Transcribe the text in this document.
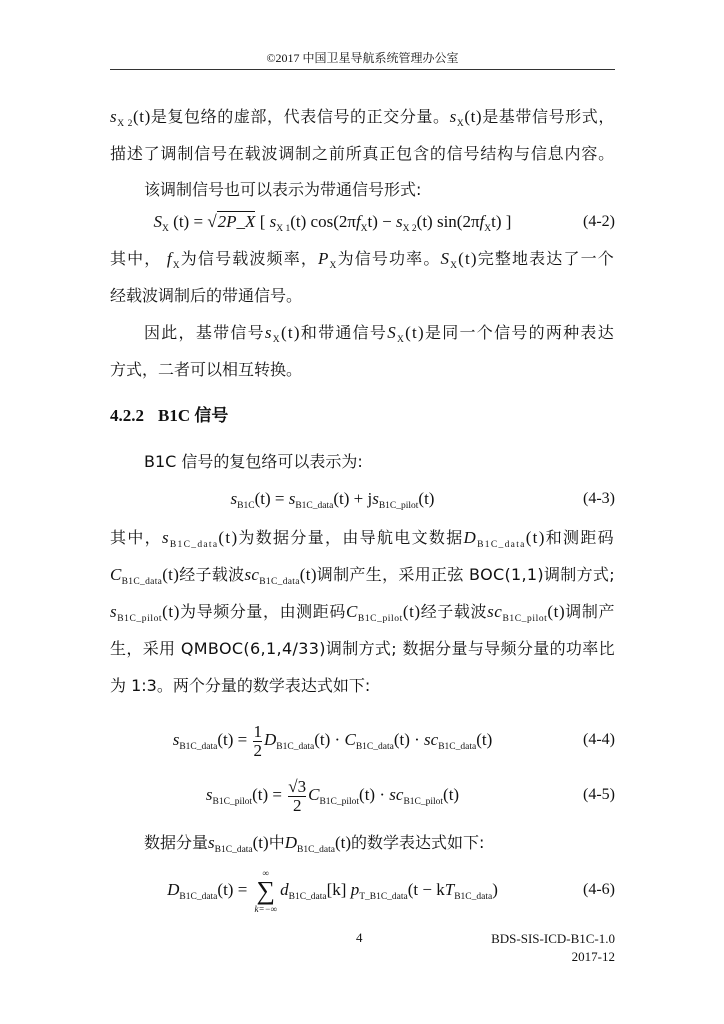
©2017 中国卫星导航系统管理办公室
$s_{X 2}(t)$是复包络的虚部，代表信号的正交分量。$s_X(t)$是基带信号形式，
描述了调制信号在载波调制之前所真正包含的信号结构与信息内容。
该调制信号也可以表示为带通信号形式:
其中， $f_X$为信号载波频率，$P_X$为信号功率。$S_X(t)$完整地表达了一个
经载波调制后的带通信号。
因此，基带信号$s_X(t)$和带通信号$S_X(t)$是同一个信号的两种表达
方式，二者可以相互转换。
B1C 信号的复包络可以表示为:
其中，$s_{B1C\_data}(t)$为数据分量，由导航电文数据$D_{B1C\_data}(t)$和测距码
$C_{B1C\_data}(t)$经子载波$sc_{B1C\_data}(t)$调制产生，采用正弦 BOC(1,1)调制方式;
$s_{B1C\_pilot}(t)$为导频分量，由测距码$C_{B1C\_pilot}(t)$经子载波$sc_{B1C\_pilot}(t)$调制产
生，采用 QMBOC(6,1,4/33)调制方式; 数据分量与导频分量的功率比
为 1:3。两个分量的数学表达式如下:
数据分量$s_{B1C\_data}(t)$中$D_{B1C\_data}(t)$的数学表达式如下:
$S_X$ (t) = √2P_X [ $s_{X 1}(t) \cos(2\pi f_Xt) - s_{X 2}(t)$ $\sin(2\pi f_Xt)$ ]	(4-2)
$s_{B1C}(t) = s_{B1C\_data}(t) + js_{B1C\_pilot}(t)$	(4-3)
$s_{B1C\_data}(t) = \frac{1}{2} D_{B1C\_data}(t) \cdot C_{B1C\_data}(t) \cdot sc_{B1C\_data}(t)$	(4-4)
$s_{B1C\_pilot}(t) = \frac{√3}{2} C_{B1C\_pilot}(t) \cdot sc_{B1C\_pilot}(t)$	(4-5)
$D_{B1C\_data}(t)$ =
∞
∑
k=−∞
$d_{B1C\_data}[k] p_{T\_B1C\_data}(t - kT_{B1C\_data})$	(4-6)
4.2.2 B1C 信号
4	BDS-SIS-ICD-B1C-1.0
2017-12
